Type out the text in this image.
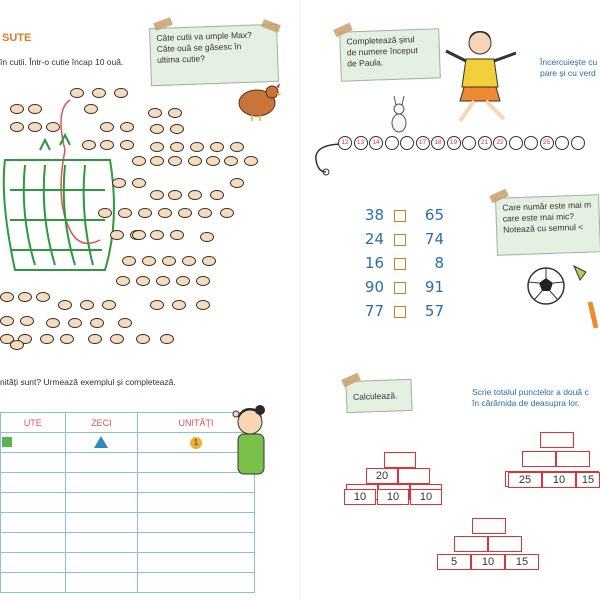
SUTE
în cutii. Într-o cutie încap 10 ouă.
Câte cutii va umple Max?
Câte ouă se găsesc în
ultima cutie?
nități sunt? Urmează exemplul și completează.
UTE	ZECI	UNITĂȚI
		1

Completează șirul
de numere început
de Paula.	Încercuiește cu
pare și cu verd
12	13	14	17	18	19	21	22	25
38	65
24	74
16	8
90	91
77	57
Care număr este mai m
care este mai mic?
Notează cu semnul <
Calculează.	Scrie totalul punctelor a două c
în cărămida de deasupra lor.
20
10	10	10
25	10	15
5	10	15
